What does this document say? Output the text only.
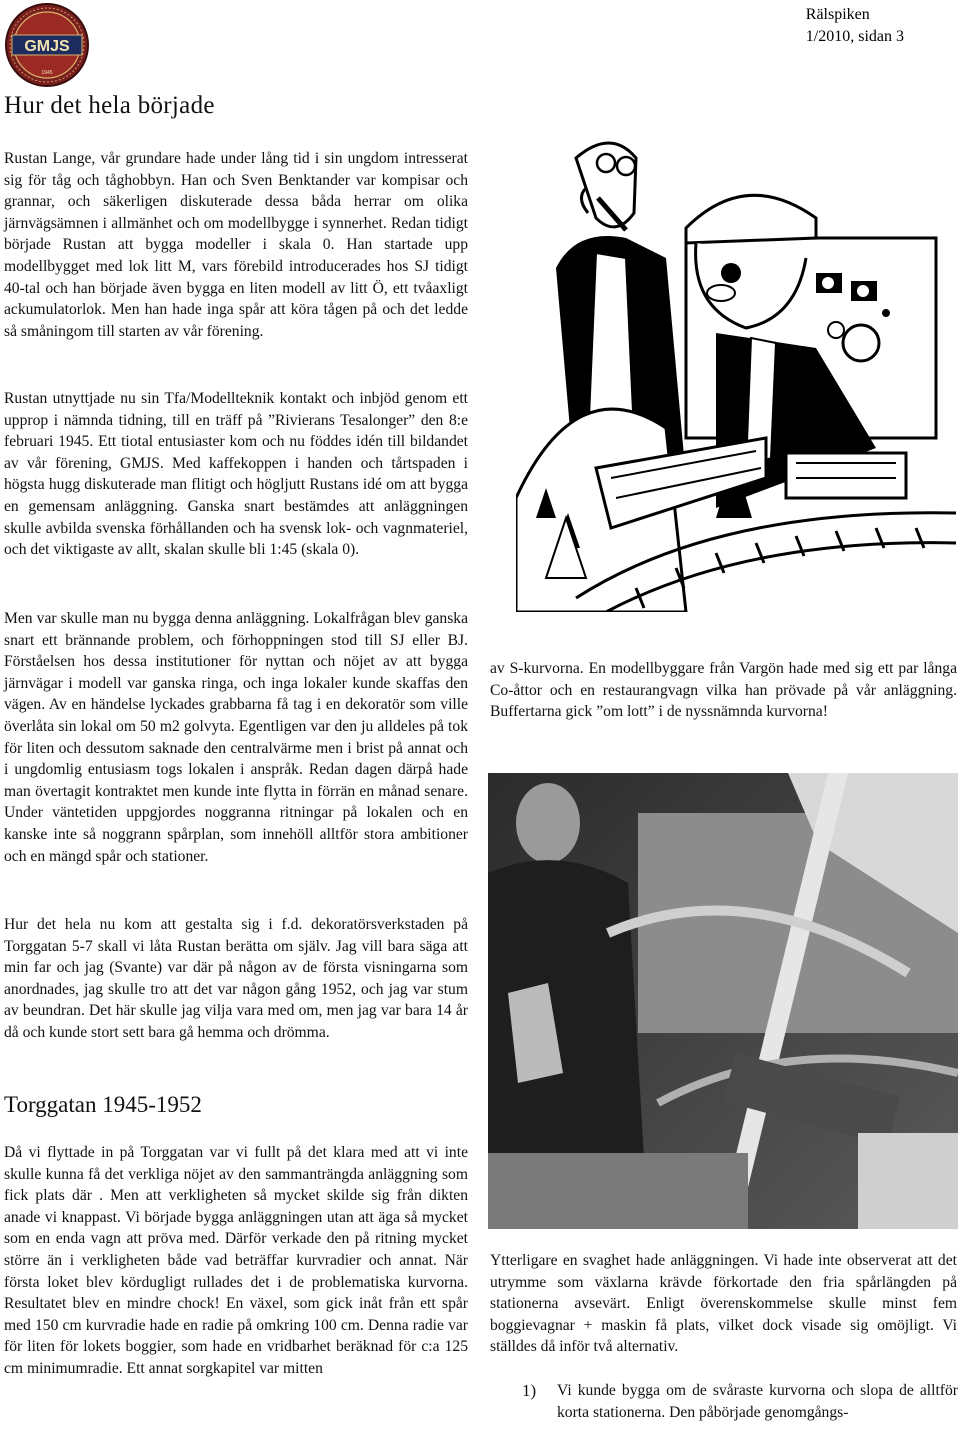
GMJS
1945
Rälspiken
1/2010, sidan 3
Hur det hela började

Rustan Lange, vår grundare hade under lång tid i sin ungdom intresserat sig för tåg och tåghobbyn. Han och Sven Benktander var kompisar och grannar, och säkerligen diskuterade dessa båda herrar om olika järnvägsämnen i allmänhet och om modellbygge i synnerhet. Redan tidigt började Rustan att bygga modeller i skala 0. Han startade upp modellbygget med lok litt M, vars förebild introducerades hos SJ tidigt 40-tal och han började även bygga en liten modell av litt Ö, ett tvåaxligt ackumulatorlok. Men han hade inga spår att köra tågen på och det ledde så småningom till starten av vår förening.

Rustan utnyttjade nu sin Tfa/Modellteknik kontakt och inbjöd genom ett upprop i nämnda tidning, till en träff på ”Rivierans Tesalonger” den 8:e februari 1945. Ett tiotal entusiaster kom och nu föddes idén till bildandet av vår förening, GMJS. Med kaffekoppen i handen och tårtspaden i högsta hugg diskuterade man flitigt och högljutt Rustans idé om att bygga en gemensam anläggning. Ganska snart bestämdes att anläggningen skulle avbilda svenska förhållanden och ha svensk lok- och vagnmateriel, och det viktigaste av allt, skalan skulle bli 1:45 (skala 0).

Men var skulle man nu bygga denna anläggning. Lokalfrågan blev ganska snart ett brännande problem, och förhoppningen stod till SJ eller BJ. Förståelsen hos dessa institutioner för nyttan och nöjet av att bygga järnvägar i modell var ganska ringa, och inga lokaler kunde skaffas den vägen. Av en händelse lyckades grabbarna få tag i en dekoratör som ville överlåta sin lokal om 50 m2 golvyta. Egentligen var den ju alldeles på tok för liten och dessutom saknade den centralvärme men i brist på annat och i ungdomlig entusiasm togs lokalen i anspråk. Redan dagen därpå hade man övertagit kontraktet men kunde inte flytta in förrän en månad senare. Under väntetiden uppgjordes noggranna ritningar på lokalen och en kanske inte så noggrann spårplan, som innehöll alltför stora ambitioner och en mängd spår och stationer.

Hur det hela nu kom att gestalta sig i f.d. dekoratörsverkstaden på Torggatan 5-7 skall vi låta Rustan berätta om själv. Jag vill bara säga att min far och jag (Svante) var där på någon av de första visningarna som anordnades, jag skulle tro att det var någon gång 1952, och jag var stum av beundran. Det här skulle jag vilja vara med om, men jag var bara 14 år då och kunde stort sett bara gå hemma och drömma.

Torggatan 1945-1952

Då vi flyttade in på Torggatan var vi fullt på det klara med att vi inte skulle kunna få det verkliga nöjet av den sammanträngda anläggning som fick plats där . Men att verkligheten så mycket skilde sig från dikten anade vi knappast. Vi började bygga anläggningen utan att äga så mycket som en enda vagn att pröva med. Därför verkade den på ritning mycket större än i verkligheten både vad beträffar kurvradier och annat. När första loket blev kördugligt rullades det i de problematiska kurvorna. Resultatet blev en mindre chock! En växel, som gick inåt från ett spår med 150 cm kurvradie hade en radie på omkring 100 cm. Denna radie var för liten för lokets boggier, som hade en vridbarhet beräknad för c:a 125 cm minimumradie. Ett annat sorgkapitel var mitten

av S-kurvorna. En modellbyggare från Vargön hade med sig ett par långa Co-åttor och en restaurangvagn vilka han prövade på vår anläggning. Buffertarna gick ”om lott” i de nyssnämnda kurvorna!

Ytterligare en svaghet hade anläggningen. Vi hade inte observerat att det utrymme som växlarna krävde förkortade den fria spårlängden på stationerna avsevärt. Enligt överenskommelse skulle minst fem boggievagnar + maskin få plats, vilket dock visade sig omöjligt. Vi ställdes då inför två alternativ.

1) Vi kunde bygga om de svåraste kurvorna och slopa de alltför korta stationerna. Den påbörjade genomgångs-
